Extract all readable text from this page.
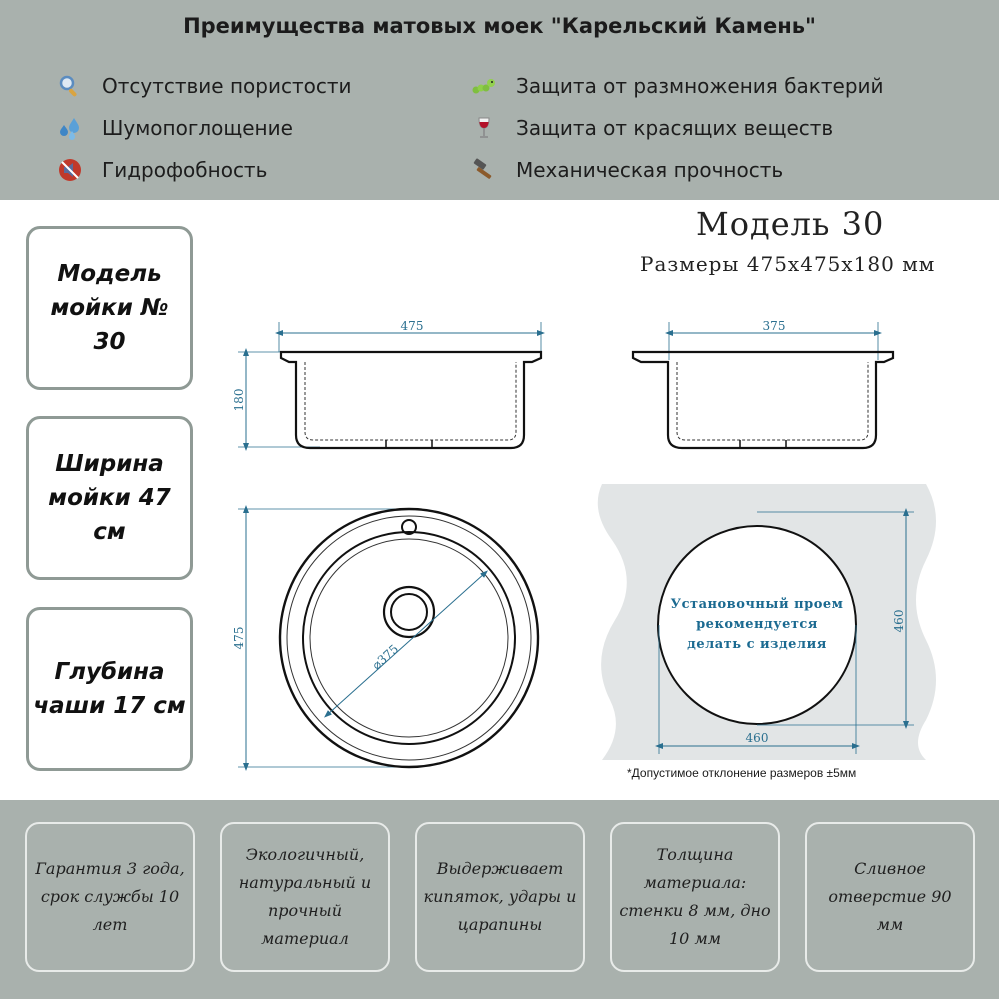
Преимущества матовых моек "Карельский Камень"
Отсутствие пористости
Шумопоглощение
Гидрофобность
Защита от размножения бактерий
Защита от красящих веществ
Механическая прочность
Модель мойки № 30
Ширина мойки 47 см
Глубина чаши 17 см
Модель 30
Размеры 475х475х180 мм
475
180
375
475
⌀375
460
460
Установочный проем
рекомендуется
делать с изделия
*Допустимое отклонение размеров ±5мм
Гарантия 3 года, срок службы 10 лет
Экологичный, натуральный и прочный материал
Выдерживает кипяток, удары и царапины
Толщина материала: стенки 8 мм, дно 10 мм
Сливное отверстие 90 мм
